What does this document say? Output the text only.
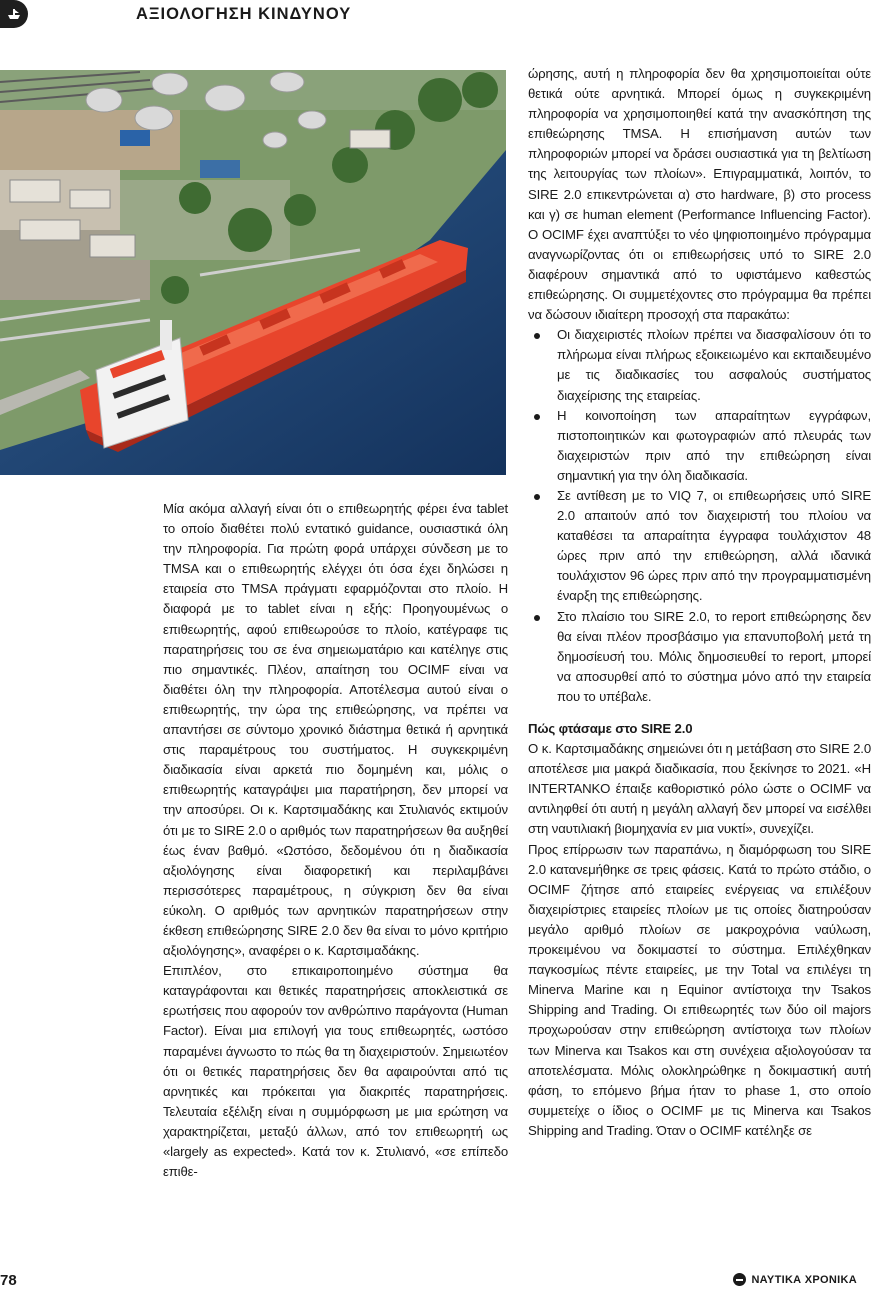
ΑΞΙΟΛΟΓΗΣΗ ΚΙΝΔΥΝΟΥ

Μία ακόμα αλλαγή είναι ότι ο επιθεωρητής φέρει ένα tablet το οποίο διαθέτει πολύ εντατικό guidance, ουσιαστικά όλη την πληροφορία. Για πρώτη φορά υπάρχει σύνδεση με το TMSA και ο επιθεωρητής ελέγχει ότι όσα έχει δηλώσει η εταιρεία στο TMSA πράγματι εφαρμόζονται στο πλοίο. Η διαφορά με το tablet είναι η εξής: Προηγουμένως ο επιθεωρητής, αφού επιθεωρούσε το πλοίο, κατέγραφε τις παρατηρήσεις του σε ένα σημειωματάριο και κατέληγε στις πιο σημαντικές. Πλέον, απαίτηση του OCIMF είναι να διαθέτει όλη την πληροφορία. Αποτέλεσμα αυτού είναι ο επιθεωρητής, την ώρα της επιθεώρησης, να πρέπει να απαντήσει σε σύντομο χρονικό διάστημα θετικά ή αρνητικά στις παραμέτρους του συστήματος. Η συγκεκριμένη διαδικασία είναι αρκετά πιο δομημένη και, μόλις ο επιθεωρητής καταγράψει μια παρατήρηση, δεν μπορεί να την αποσύρει. Οι κ. Καρτσιμαδάκης και Στυλιανός εκτιμούν ότι με το SIRE 2.0 ο αριθμός των παρατηρήσεων θα αυξηθεί έως έναν βαθμό. «Ωστόσο, δεδομένου ότι η διαδικασία αξιολόγησης είναι διαφορετική και περιλαμβάνει περισσότερες παραμέτρους, η σύγκριση δεν θα είναι εύκολη. Ο αριθμός των αρνητικών παρατηρήσεων στην έκθεση επιθεώρησης SIRE 2.0 δεν θα είναι το μόνο κριτήριο αξιολόγησης», αναφέρει ο κ. Καρτσιμαδάκης.

Επιπλέον, στο επικαιροποιημένο σύστημα θα καταγράφονται και θετικές παρατηρήσεις αποκλειστικά σε ερωτήσεις που αφορούν τον ανθρώπινο παράγοντα (Human Factor). Είναι μια επιλογή για τους επιθεωρητές, ωστόσο παραμένει άγνωστο το πώς θα τη διαχειριστούν. Σημειωτέον ότι οι θετικές παρατηρήσεις δεν θα αφαιρούνται από τις αρνητικές και πρόκειται για διακριτές παρατηρήσεις. Τελευταία εξέλιξη είναι η συμμόρφωση με μια ερώτηση να χαρακτηρίζεται, μεταξύ άλλων, από τον επιθεωρητή ως «largely as expected». Κατά τον κ. Στυλιανό, «σε επίπεδο επιθε-

ώρησης, αυτή η πληροφορία δεν θα χρησιμοποιείται ούτε θετικά ούτε αρνητικά. Μπορεί όμως η συγκεκριμένη πληροφορία να χρησιμοποιηθεί κατά την ανασκόπηση της επιθεώρησης TMSA. Η επισήμανση αυτών των πληροφοριών μπορεί να δράσει ουσιαστικά για τη βελτίωση της λειτουργίας των πλοίων». Επιγραμματικά, λοιπόν, το SIRE 2.0 επικεντρώνεται α) στο hardware, β) στο process και γ) σε human element (Performance Influencing Factor). Ο OCIMF έχει αναπτύξει το νέο ψηφιοποιημένο πρόγραμμα αναγνωρίζοντας ότι οι επιθεωρήσεις υπό το SIRE 2.0 διαφέρουν σημαντικά από το υφιστάμενο καθεστώς επιθεώρησης. Οι συμμετέχοντες στο πρόγραμμα θα πρέπει να δώσουν ιδιαίτερη προσοχή στα παρακάτω:

Οι διαχειριστές πλοίων πρέπει να διασφαλίσουν ότι το πλήρωμα είναι πλήρως εξοικειωμένο και εκπαιδευμένο με τις διαδικασίες του ασφαλούς συστήματος διαχείρισης της εταιρείας.
Η κοινοποίηση των απαραίτητων εγγράφων, πιστοποιητικών και φωτογραφιών από πλευράς των διαχειριστών πριν από την επιθεώρηση είναι σημαντική για την όλη διαδικασία.
Σε αντίθεση με το VIQ 7, οι επιθεωρήσεις υπό SIRE 2.0 απαιτούν από τον διαχειριστή του πλοίου να καταθέσει τα απαραίτητα έγγραφα τουλάχιστον 48 ώρες πριν από την επιθεώρηση, αλλά ιδανικά τουλάχιστον 96 ώρες πριν από την προγραμματισμένη έναρξη της επιθεώρησης.
Στο πλαίσιο του SIRE 2.0, το report επιθεώρησης δεν θα είναι πλέον προσβάσιμο για επανυποβολή μετά τη δημοσίευσή του. Μόλις δημοσιευθεί το report, μπορεί να αποσυρθεί από το σύστημα μόνο από την εταιρεία που το υπέβαλε.

Πώς φτάσαμε στο SIRE 2.0

Ο κ. Καρτσιμαδάκης σημειώνει ότι η μετάβαση στο SIRE 2.0 αποτέλεσε μια μακρά διαδικασία, που ξεκίνησε το 2021. «Η INTERTANKO έπαιξε καθοριστικό ρόλο ώστε ο OCIMF να αντιληφθεί ότι αυτή η μεγάλη αλλαγή δεν μπορεί να εισέλθει στη ναυτιλιακή βιομηχανία εν μια νυκτί», συνεχίζει.

Προς επίρρωσιν των παραπάνω, η διαμόρφωση του SIRE 2.0 κατανεμήθηκε σε τρεις φάσεις. Κατά το πρώτο στάδιο, ο OCIMF ζήτησε από εταιρείες ενέργειας να επιλέξουν διαχειρίστριες εταιρείες πλοίων με τις οποίες διατηρούσαν μεγάλο αριθμό πλοίων σε μακροχρόνια ναύλωση, προκειμένου να δοκιμαστεί το σύστημα. Επιλέχθηκαν παγκοσμίως πέντε εταιρείες, με την Total να επιλέγει τη Minerva Marine και η Equinor αντίστοιχα την Tsakos Shipping and Trading. Οι επιθεωρητές των δύο oil majors προχωρούσαν στην επιθεώρηση αντίστοιχα των πλοίων των Minerva και Tsakos και στη συνέχεια αξιολογούσαν τα αποτελέσματα. Μόλις ολοκληρώθηκε η δοκιμαστική αυτή φάση, το επόμενο βήμα ήταν το phase 1, στο οποίο συμμετείχε ο ίδιος ο OCIMF με τις Minerva και Tsakos Shipping and Trading. Όταν ο OCIMF κατέληξε σε

78	ΝΑΥΤΙΚΑ ΧΡΟΝΙΚΑ
